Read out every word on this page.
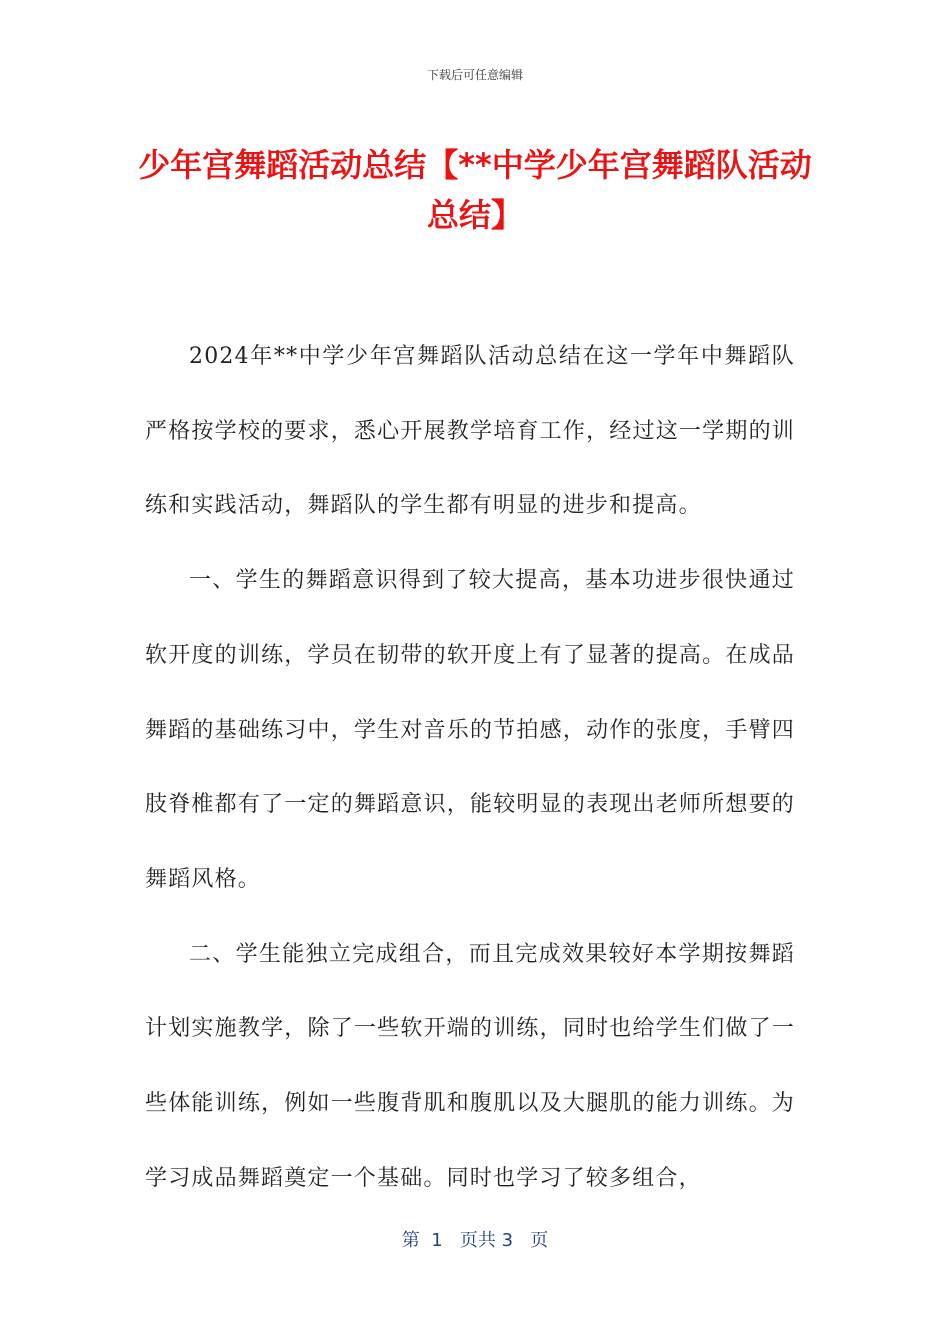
下载后可任意编辑
少年宫舞蹈活动总结【**中学少年宫舞蹈队活动总结】

2024年**中学少年宫舞蹈队活动总结在这一学年中舞蹈队严格按学校的要求，悉心开展教学培育工作，经过这一学期的训练和实践活动，舞蹈队的学生都有明显的进步和提高。

一、学生的舞蹈意识得到了较大提高，基本功进步很快通过软开度的训练，学员在韧带的软开度上有了显著的提高。在成品舞蹈的基础练习中，学生对音乐的节拍感，动作的张度，手臂四肢脊椎都有了一定的舞蹈意识，能较明显的表现出老师所想要的舞蹈风格。

二、学生能独立完成组合，而且完成效果较好本学期按舞蹈计划实施教学，除了一些软开端的训练，同时也给学生们做了一些体能训练，例如一些腹背肌和腹肌以及大腿肌的能力训练。为学习成品舞蹈奠定一个基础。同时也学习了较多组合，

第  1   页共 3   页
